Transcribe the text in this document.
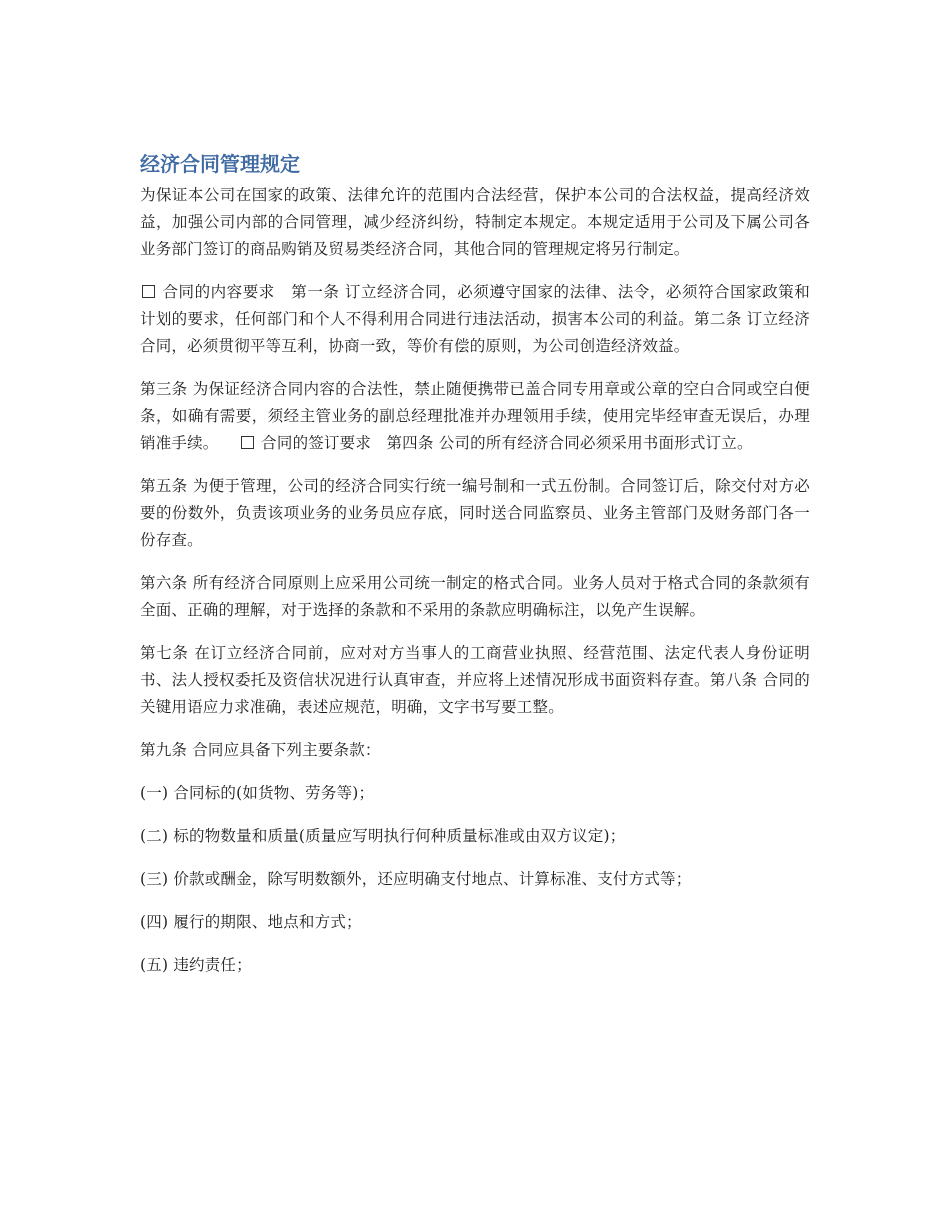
经济合同管理规定

为保证本公司在国家的政策、法律允许的范围内合法经营，保护本公司的合法权益，提高经济效益，加强公司内部的合同管理，减少经济纠纷，特制定本规定。本规定适用于公司及下属公司各业务部门签订的商品购销及贸易类经济合同，其他合同的管理规定将另行制定。

合同的内容要求 第一条 订立经济合同，必须遵守国家的法律、法令，必须符合国家政策和计划的要求，任何部门和个人不得利用合同进行违法活动，损害本公司的利益。第二条 订立经济合同，必须贯彻平等互利，协商一致，等价有偿的原则，为公司创造经济效益。

第三条 为保证经济合同内容的合法性，禁止随便携带已盖合同专用章或公章的空白合同或空白便条，如确有需要，须经主管业务的副总经理批准并办理领用手续，使用完毕经审查无误后，办理销准手续。	合同的签订要求 第四条 公司的所有经济合同必须采用书面形式订立。

第五条 为便于管理，公司的经济合同实行统一编号制和一式五份制。合同签订后，除交付对方必要的份数外，负责该项业务的业务员应存底，同时送合同监察员、业务主管部门及财务部门各一份存查。

第六条 所有经济合同原则上应采用公司统一制定的格式合同。业务人员对于格式合同的条款须有全面、正确的理解，对于选择的条款和不采用的条款应明确标注，以免产生误解。

第七条 在订立经济合同前，应对对方当事人的工商营业执照、经营范围、法定代表人身份证明书、法人授权委托及资信状况进行认真审查，并应将上述情况形成书面资料存查。第八条 合同的关键用语应力求准确，表述应规范，明确，文字书写要工整。

第九条 合同应具备下列主要条款：

(一) 合同标的(如货物、劳务等)；

(二) 标的物数量和质量(质量应写明执行何种质量标准或由双方议定)；

(三) 价款或酬金，除写明数额外，还应明确支付地点、计算标准、支付方式等；

(四) 履行的期限、地点和方式；

(五) 违约责任；
